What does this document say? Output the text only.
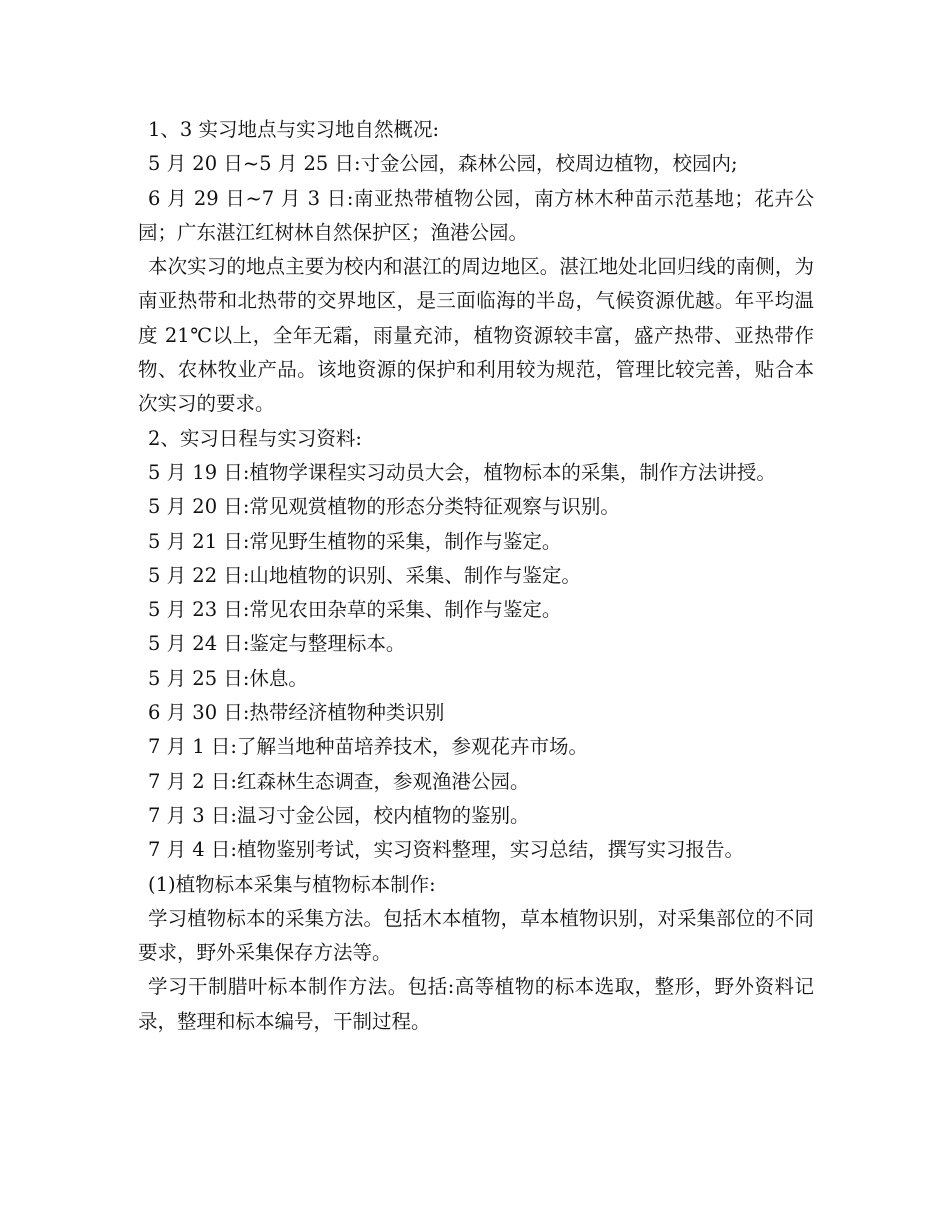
1、3 实习地点与实习地自然概况:

5 月 20 日~5 月 25 日:寸金公园，森林公园，校周边植物，校园内;

6 月 29 日~7 月 3 日:南亚热带植物公园，南方林木种苗示范基地；花卉公园；广东湛江红树林自然保护区；渔港公园。

本次实习的地点主要为校内和湛江的周边地区。湛江地处北回归线的南侧，为南亚热带和北热带的交界地区，是三面临海的半岛，气候资源优越。年平均温度 21℃以上，全年无霜，雨量充沛，植物资源较丰富，盛产热带、亚热带作物、农林牧业产品。该地资源的保护和利用较为规范，管理比较完善，贴合本次实习的要求。

2、实习日程与实习资料:

5 月 19 日:植物学课程实习动员大会，植物标本的采集，制作方法讲授。

5 月 20 日:常见观赏植物的形态分类特征观察与识别。

5 月 21 日:常见野生植物的采集，制作与鉴定。

5 月 22 日:山地植物的识别、采集、制作与鉴定。

5 月 23 日:常见农田杂草的采集、制作与鉴定。

5 月 24 日:鉴定与整理标本。

5 月 25 日:休息。

6 月 30 日:热带经济植物种类识别

7 月 1 日:了解当地种苗培养技术，参观花卉市场。

7 月 2 日:红森林生态调查，参观渔港公园。

7 月 3 日:温习寸金公园，校内植物的鉴别。

7 月 4 日:植物鉴别考试，实习资料整理，实习总结，撰写实习报告。

(1)植物标本采集与植物标本制作:

学习植物标本的采集方法。包括木本植物，草本植物识别，对采集部位的不同要求，野外采集保存方法等。

学习干制腊叶标本制作方法。包括:高等植物的标本选取，整形，野外资料记录，整理和标本编号，干制过程。
